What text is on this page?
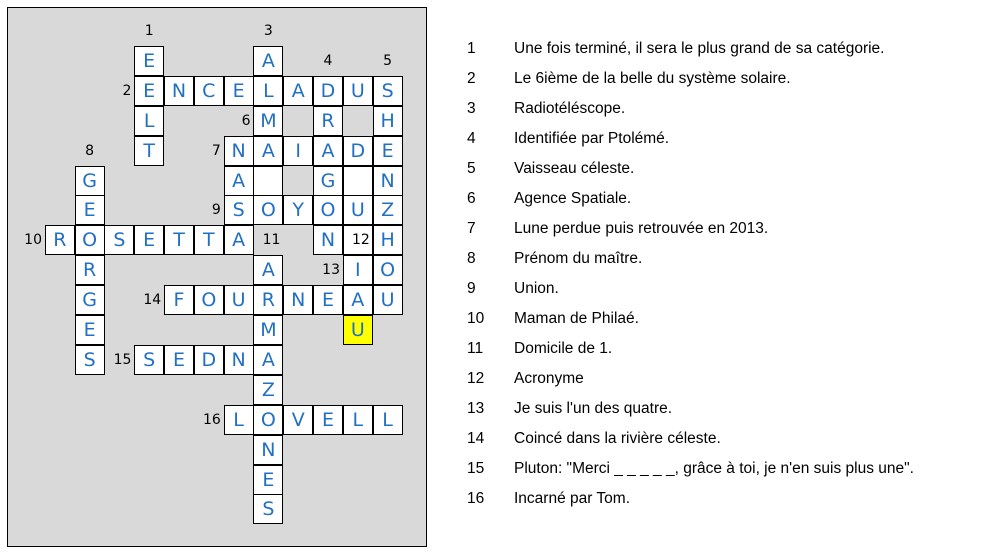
E	A
E N C E L A D U S
L	M	R	H
T	N A	I	A D E
G	A	G	N
E	S O Y O U Z
R O S E T T A	N	H
R	A	I	O
G	F O U R N E A U
E	M	U
S	S E D N A
Z
L O V E L	L
N
E
S
1	3
4	5
2
6
7
8
9
10	11	12
13
14
15
16
1 Une fois terminé, il sera le plus grand de sa catégorie.
2 Le 6ième de la belle du système solaire.
3 Radiotéléscope.
4 Identifiée par Ptolémé.
5 Vaisseau céleste.
6 Agence Spatiale.
7 Lune perdue puis retrouvée en 2013.
8 Prénom du maître.
9 Union.
10 Maman de Philaé.
11 Domicile de 1.
12 Acronyme
13 Je suis l'un des quatre.
14 Coincé dans la rivière céleste.
15 Pluton: "Merci _ _ _ _ _, grâce à toi, je n'en suis plus une".
16 Incarné par Tom.
